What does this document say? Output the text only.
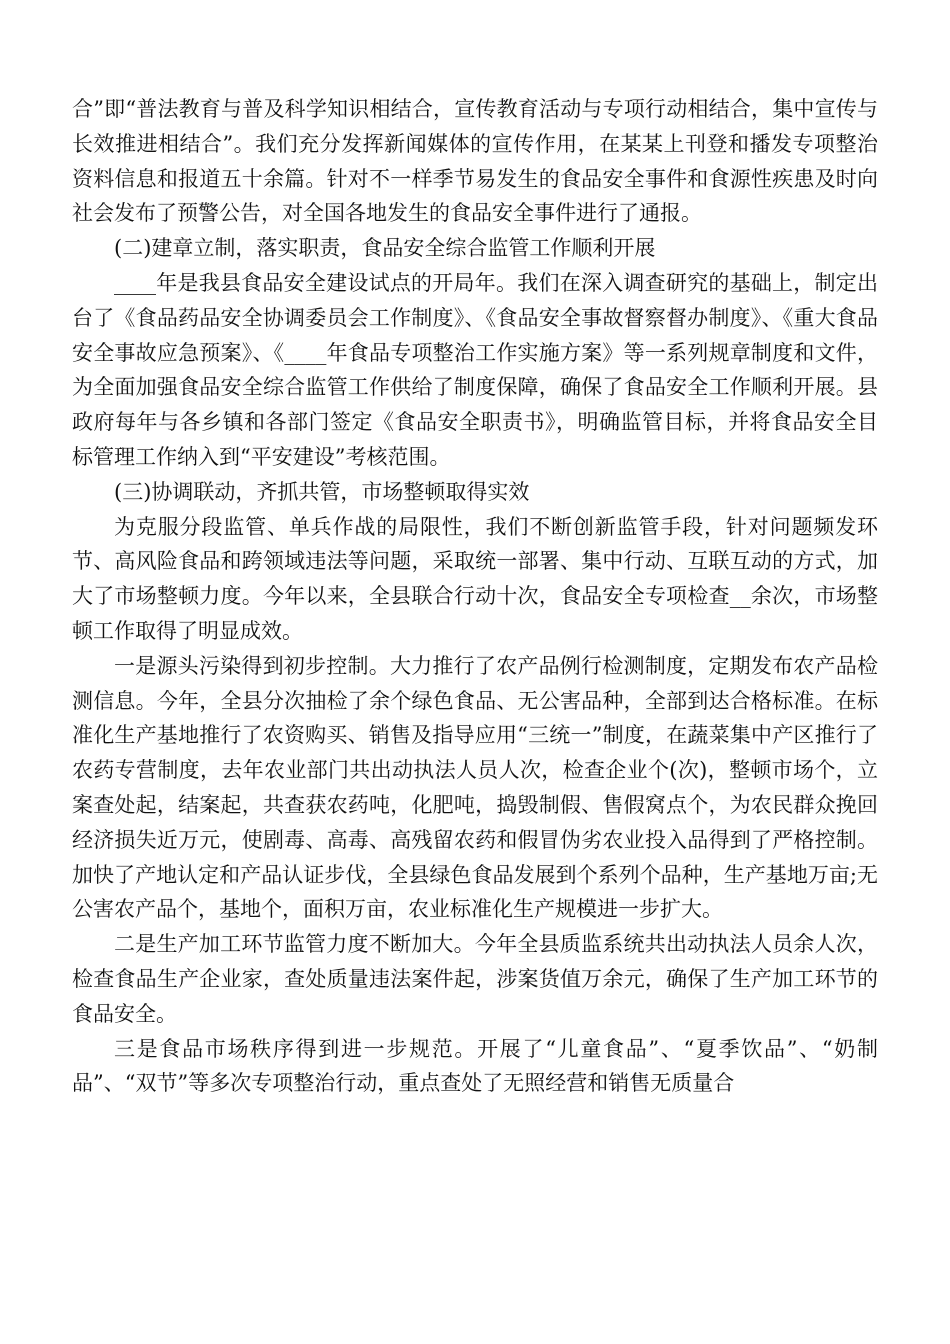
合”即“普法教育与普及科学知识相结合，宣传教育活动与专项行动相结合，集中宣传与长效推进相结合”。我们充分发挥新闻媒体的宣传作用，在某某上刊登和播发专项整治资料信息和报道五十余篇。针对不一样季节易发生的食品安全事件和食源性疾患及时向社会发布了预警公告，对全国各地发生的食品安全事件进行了通报。

(二)建章立制，落实职责，食品安全综合监管工作顺利开展

____年是我县食品安全建设试点的开局年。我们在深入调查研究的基础上，制定出台了《食品药品安全协调委员会工作制度》、《食品安全事故督察督办制度》、《重大食品安全事故应急预案》、《____年食品专项整治工作实施方案》等一系列规章制度和文件，为全面加强食品安全综合监管工作供给了制度保障，确保了食品安全工作顺利开展。县政府每年与各乡镇和各部门签定《食品安全职责书》，明确监管目标，并将食品安全目标管理工作纳入到“平安建设”考核范围。

(三)协调联动，齐抓共管，市场整顿取得实效

为克服分段监管、单兵作战的局限性，我们不断创新监管手段，针对问题频发环节、高风险食品和跨领域违法等问题，采取统一部署、集中行动、互联互动的方式，加大了市场整顿力度。今年以来，全县联合行动十次，食品安全专项检查__余次，市场整顿工作取得了明显成效。

一是源头污染得到初步控制。大力推行了农产品例行检测制度，定期发布农产品检测信息。今年，全县分次抽检了余个绿色食品、无公害品种，全部到达合格标准。在标准化生产基地推行了农资购买、销售及指导应用“三统一”制度，在蔬菜集中产区推行了农药专营制度，去年农业部门共出动执法人员人次，检查企业个(次)，整顿市场个，立案查处起，结案起，共查获农药吨，化肥吨，捣毁制假、售假窝点个，为农民群众挽回经济损失近万元，使剧毒、高毒、高残留农药和假冒伪劣农业投入品得到了严格控制。加快了产地认定和产品认证步伐，全县绿色食品发展到个系列个品种，生产基地万亩;无公害农产品个，基地个，面积万亩，农业标准化生产规模进一步扩大。

二是生产加工环节监管力度不断加大。今年全县质监系统共出动执法人员余人次，检查食品生产企业家，查处质量违法案件起，涉案货值万余元，确保了生产加工环节的食品安全。

三是食品市场秩序得到进一步规范。开展了“儿童食品”、“夏季饮品”、“奶制品”、“双节”等多次专项整治行动，重点查处了无照经营和销售无质量合
